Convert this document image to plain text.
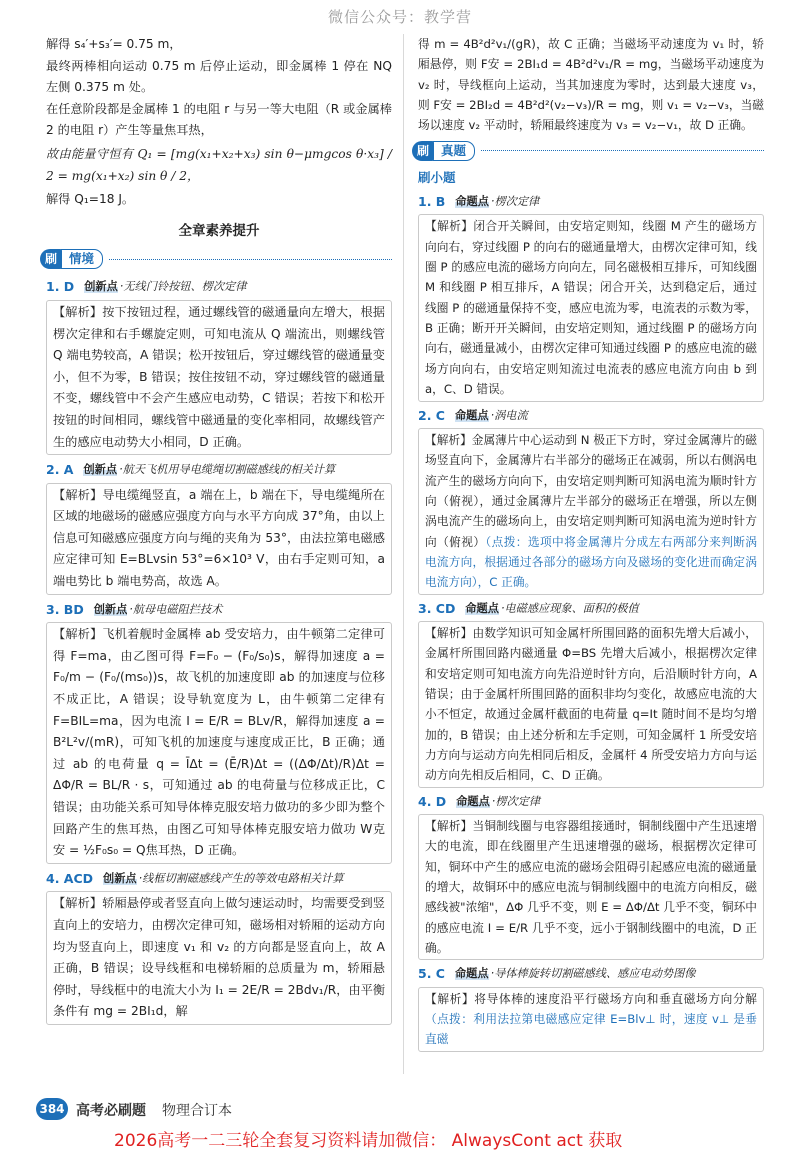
微信公众号：教学营

解得 s₄′+s₃′= 0.75 m，

最终两棒相向运动 0.75 m 后停止运动，即金属棒 1 停在 NQ 左侧 0.375 m 处。

在任意阶段都是金属棒 1 的电阻 r 与另一等大电阻（R 或金属棒 2 的电阻 r）产生等量焦耳热，

故由能量守恒有 Q₁ = [mg(x₁+x₂+x₃) sin θ−μmgcos θ·x₃] / 2 = mg(x₁+x₂) sin θ / 2，

解得 Q₁=18 J。

全章素养提升
刷 情境
1. D 创新点 ·无线门铃按钮、楞次定律

【解析】按下按钮过程，通过螺线管的磁通量向左增大，根据楞次定律和右手螺旋定则，可知电流从 Q 端流出，则螺线管 Q 端电势较高，A 错误；松开按钮后，穿过螺线管的磁通量变小，但不为零，B 错误；按住按钮不动，穿过螺线管的磁通量不变，螺线管中不会产生感应电动势，C 错误；若按下和松开按钮的时间相同，螺线管中磁通量的变化率相同，故螺线管产生的感应电动势大小相同，D 正确。

2. A 创新点 ·航天飞机用导电缆绳切割磁感线的相关计算

【解析】导电缆绳竖直，a 端在上，b 端在下，导电缆绳所在区域的地磁场的磁感应强度方向与水平方向成 37°角，由以上信息可知磁感应强度方向与绳的夹角为 53°，由法拉第电磁感应定律可知 E=BLvsin 53°=6×10³ V，由右手定则可知，a 端电势比 b 端电势高，故选 A。

3. BD 创新点 ·航母电磁阻拦技术

【解析】飞机着舰时金属棒 ab 受安培力，由牛顿第二定律可得 F=ma，由乙图可得 F=F₀ − (F₀/s₀)s，解得加速度 a = F₀/m − (F₀/(ms₀))s，故飞机的加速度即 ab 的加速度与位移不成正比，A 错误；设导轨宽度为 L，由牛顿第二定律有 F=BIL=ma，因为电流 I = E/R = BLv/R，解得加速度 a = B²L²v/(mR)，可知飞机的加速度与速度成正比，B 正确；通过 ab 的电荷量 q = ĪΔt = (Ē/R)Δt = ((ΔΦ/Δt)/R)Δt = ΔΦ/R = BL/R · s，可知通过 ab 的电荷量与位移成正比，C 错误；由功能关系可知导体棒克服安培力做功的多少即为整个回路产生的焦耳热，由图乙可知导体棒克服安培力做功 W克安 = ½F₀s₀ = Q焦耳热，D 正确。

4. ACD 创新点 ·线框切割磁感线产生的等效电路相关计算

【解析】轿厢悬停或者竖直向上做匀速运动时，均需要受到竖直向上的安培力，由楞次定律可知，磁场相对轿厢的运动方向均为竖直向上，即速度 v₁ 和 v₂ 的方向都是竖直向上，故 A 正确，B 错误；设导线框和电梯轿厢的总质量为 m，轿厢悬停时，导线框中的电流大小为 I₁ = 2E/R = 2Bdv₁/R，由平衡条件有 mg = 2BI₁d，解

得 m = 4B²d²v₁/(gR)，故 C 正确；当磁场平动速度为 v₁ 时，轿厢悬停，则 F安 = 2BI₁d = 4B²d²v₁/R = mg，当磁场平动速度为 v₂ 时，导线框向上运动，当其加速度为零时，达到最大速度 v₃，则 F安 = 2BI₂d = 4B²d²(v₂−v₃)/R = mg，则 v₁ = v₂−v₃，当磁场以速度 v₂ 平动时，轿厢最终速度为 v₃ = v₂−v₁，故 D 正确。

刷 真题
刷小题
1. B 命题点 ·楞次定律

【解析】闭合开关瞬间，由安培定则知，线圈 M 产生的磁场方向向右，穿过线圈 P 的向右的磁通量增大，由楞次定律可知，线圈 P 的感应电流的磁场方向向左，同名磁极相互排斥，可知线圈 M 和线圈 P 相互排斥，A 错误；闭合开关，达到稳定后，通过线圈 P 的磁通量保持不变，感应电流为零，电流表的示数为零，B 正确；断开开关瞬间，由安培定则知，通过线圈 P 的磁场方向向右，磁通量减小，由楞次定律可知通过线圈 P 的感应电流的磁场方向向右，由安培定则知流过电流表的感应电流方向由 b 到 a，C、D 错误。

2. C 命题点 ·涡电流

【解析】金属薄片中心运动到 N 极正下方时，穿过金属薄片的磁场竖直向下，金属薄片右半部分的磁场正在减弱，所以右侧涡电流产生的磁场方向向下，由安培定则判断可知涡电流为顺时针方向（俯视），通过金属薄片左半部分的磁场正在增强，所以左侧涡电流产生的磁场向上，由安培定则判断可知涡电流为逆时针方向（俯视）（点拨：选项中将金属薄片分成左右两部分来判断涡电流方向，根据通过各部分的磁场方向及磁场的变化进而确定涡电流方向），C 正确。

3. CD 命题点 ·电磁感应现象、面积的极值

【解析】由数学知识可知金属杆所围回路的面积先增大后减小，金属杆所围回路内磁通量 Φ=BS 先增大后减小，根据楞次定律和安培定则可知电流方向先沿逆时针方向，后沿顺时针方向，A 错误；由于金属杆所围回路的面积非均匀变化，故感应电流的大小不恒定，故通过金属杆截面的电荷量 q=It 随时间不是均匀增加的，B 错误；由上述分析和左手定则，可知金属杆 1 所受安培力方向与运动方向先相同后相反，金属杆 4 所受安培力方向与运动方向先相反后相同，C、D 正确。

4. D 命题点 ·楞次定律

【解析】当铜制线圈与电容器组接通时，铜制线圈中产生迅速增大的电流，即在线圈里产生迅速增强的磁场，根据楞次定律可知，铜环中产生的感应电流的磁场会阻碍引起感应电流的磁通量的增大，故铜环中的感应电流与铜制线圈中的电流方向相反，磁感线被"浓缩"，ΔΦ 几乎不变，则 E = ΔΦ/Δt 几乎不变，铜环中的感应电流 I = E/R 几乎不变，远小于钢制线圈中的电流，D 正确。

5. C 命题点 ·导体棒旋转切割磁感线、感应电动势图像

【解析】将导体棒的速度沿平行磁场方向和垂直磁场方向分解（点拨：利用法拉第电磁感应定律 E=Blv⊥ 时，速度 v⊥ 是垂直磁

384 高考必刷题 物理合订本
2026高考一二三轮全套复习资料请加微信： AlwaysCont act 获取
